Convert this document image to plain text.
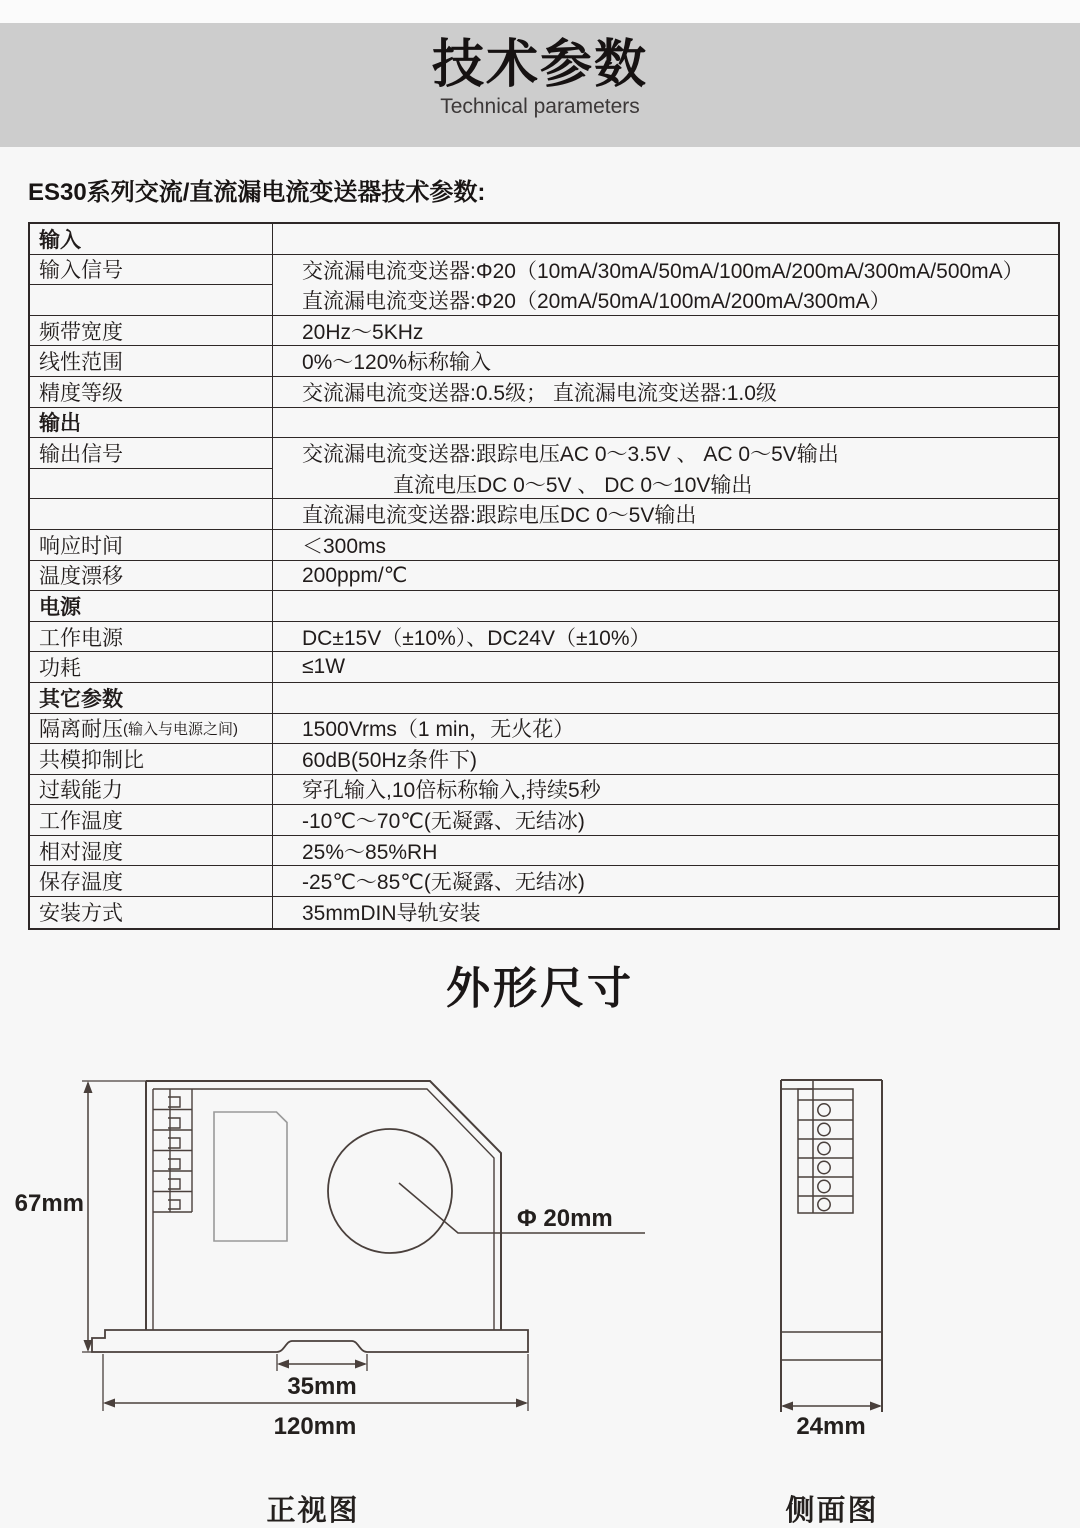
技术参数
Technical parameters
ES30系列交流/直流漏电流变送器技术参数:
输入
输入信号	交流漏电流变送器:Φ20（10mA/30mA/50mA/100mA/200mA/300mA/500mA）
直流漏电流变送器:Φ20（20mA/50mA/100mA/200mA/300mA）
频带宽度	20Hz～5KHz
线性范围	0%～120%标称输入
精度等级	交流漏电流变送器:0.5级； 直流漏电流变送器:1.0级
输出
输出信号	交流漏电流变送器:跟踪电压AC 0～3.5V 、 AC 0～5V输出
直流电压DC 0～5V 、 DC 0～10V输出
直流漏电流变送器:跟踪电压DC 0～5V输出
响应时间	＜300ms
温度漂移	200ppm/℃
电源
工作电源	DC±15V（±10%）、DC24V（±10%）
功耗	≤1W
其它参数
隔离耐压 (输入与电源之间)	1500Vrms（1 min，无火花）
共模抑制比	60dB(50Hz条件下)
过载能力	穿孔输入,10倍标称输入,持续5秒
工作温度	-10℃～70℃(无凝露、无结冰)
相对湿度	25%～85%RH
保存温度	-25℃～85℃(无凝露、无结冰)
安装方式	35mmDIN导轨安装
外形尺寸
67mm
Φ 20mm
35mm
120mm	24mm
正视图	侧面图
